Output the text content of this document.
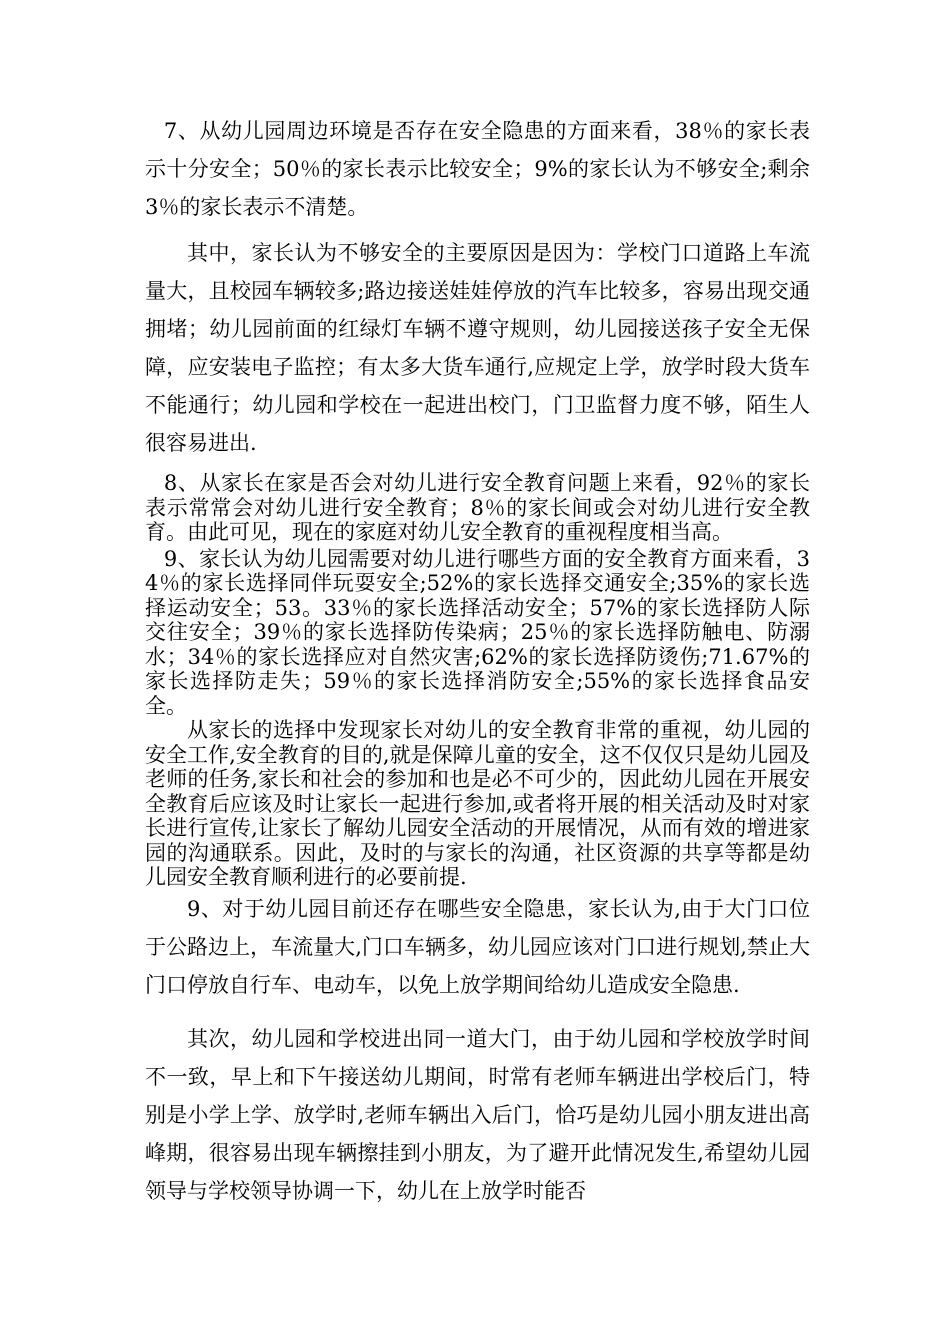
7、从幼儿园周边环境是否存在安全隐患的方面来看，38％的家长表示十分安全；50％的家长表示比较安全；9%的家长认为不够安全;剩余3％的家长表示不清楚。

其中，家长认为不够安全的主要原因是因为：学校门口道路上车流量大，且校园车辆较多;路边接送娃娃停放的汽车比较多，容易出现交通拥堵；幼儿园前面的红绿灯车辆不遵守规则，幼儿园接送孩子安全无保障，应安装电子监控；有太多大货车通行,应规定上学，放学时段大货车不能通行；幼儿园和学校在一起进出校门，门卫监督力度不够，陌生人很容易进出.

8、从家长在家是否会对幼儿进行安全教育问题上来看，92％的家长表示常常会对幼儿进行安全教育；8％的家长间或会对幼儿进行安全教育。由此可见，现在的家庭对幼儿安全教育的重视程度相当高。

9、家长认为幼儿园需要对幼儿进行哪些方面的安全教育方面来看，34％的家长选择同伴玩耍安全;52%的家长选择交通安全;35%的家长选择运动安全；53。33％的家长选择活动安全；57%的家长选择防人际交往安全；39％的家长选择防传染病；25％的家长选择防触电、防溺水；34％的家长选择应对自然灾害;62%的家长选择防烫伤;71.67%的家长选择防走失；59％的家长选择消防安全;55%的家长选择食品安全。

从家长的选择中发现家长对幼儿的安全教育非常的重视，幼儿园的安全工作,安全教育的目的,就是保障儿童的安全，这不仅仅只是幼儿园及老师的任务,家长和社会的参加和也是必不可少的，因此幼儿园在开展安全教育后应该及时让家长一起进行参加,或者将开展的相关活动及时对家长进行宣传,让家长了解幼儿园安全活动的开展情况，从而有效的增进家园的沟通联系。因此，及时的与家长的沟通，社区资源的共享等都是幼儿园安全教育顺利进行的必要前提.

9、对于幼儿园目前还存在哪些安全隐患，家长认为,由于大门口位于公路边上，车流量大,门口车辆多，幼儿园应该对门口进行规划,禁止大门口停放自行车、电动车，以免上放学期间给幼儿造成安全隐患.

其次，幼儿园和学校进出同一道大门，由于幼儿园和学校放学时间不一致，早上和下午接送幼儿期间，时常有老师车辆进出学校后门，特别是小学上学、放学时,老师车辆出入后门，恰巧是幼儿园小朋友进出高峰期，很容易出现车辆擦挂到小朋友，为了避开此情况发生,希望幼儿园领导与学校领导协调一下，幼儿在上放学时能否
